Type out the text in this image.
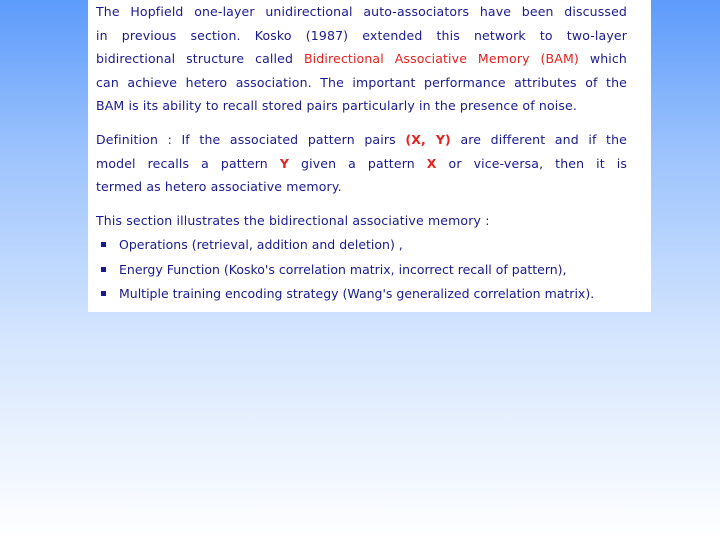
The Hopfield one-layer unidirectional auto-associators have been discussed
in previous section. Kosko (1987) extended this network to two-layer
bidirectional structure called Bidirectional Associative Memory (BAM) which
can achieve hetero association. The important performance attributes of the
BAM is its ability to recall stored pairs particularly in the presence of noise.
Definition : If the associated pattern pairs (X, Y) are different and if the
model recalls a pattern Y given a pattern X or vice-versa, then it is
termed as hetero associative memory.
This section illustrates the bidirectional associative memory :
Operations (retrieval, addition and deletion) ,
Energy Function (Kosko's correlation matrix, incorrect recall of pattern),
Multiple training encoding strategy (Wang's generalized correlation matrix).
